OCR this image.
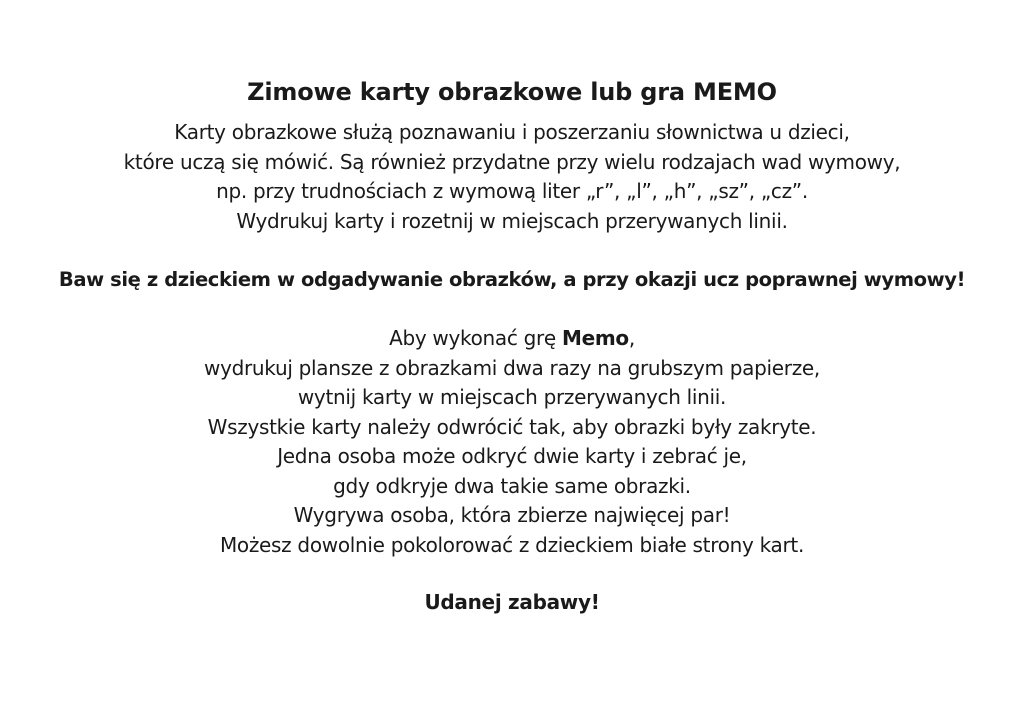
Zimowe karty obrazkowe lub gra MEMO

Karty obrazkowe służą poznawaniu i poszerzaniu słownictwa u dzieci,

które uczą się mówić. Są również przydatne przy wielu rodzajach wad wymowy,

np. przy trudnościach z wymową liter „r”, „l”, „h”, „sz”, „cz”.

Wydrukuj karty i rozetnij w miejscach przerywanych linii.

Baw się z dzieckiem w odgadywanie obrazków, a przy okazji ucz poprawnej wymowy!

Aby wykonać grę Memo,

wydrukuj plansze z obrazkami dwa razy na grubszym papierze,

wytnij karty w miejscach przerywanych linii.

Wszystkie karty należy odwrócić tak, aby obrazki były zakryte.

Jedna osoba może odkryć dwie karty i zebrać je,

gdy odkryje dwa takie same obrazki.

Wygrywa osoba, która zbierze najwięcej par!

Możesz dowolnie pokolorować z dzieckiem białe strony kart.

Udanej zabawy!
